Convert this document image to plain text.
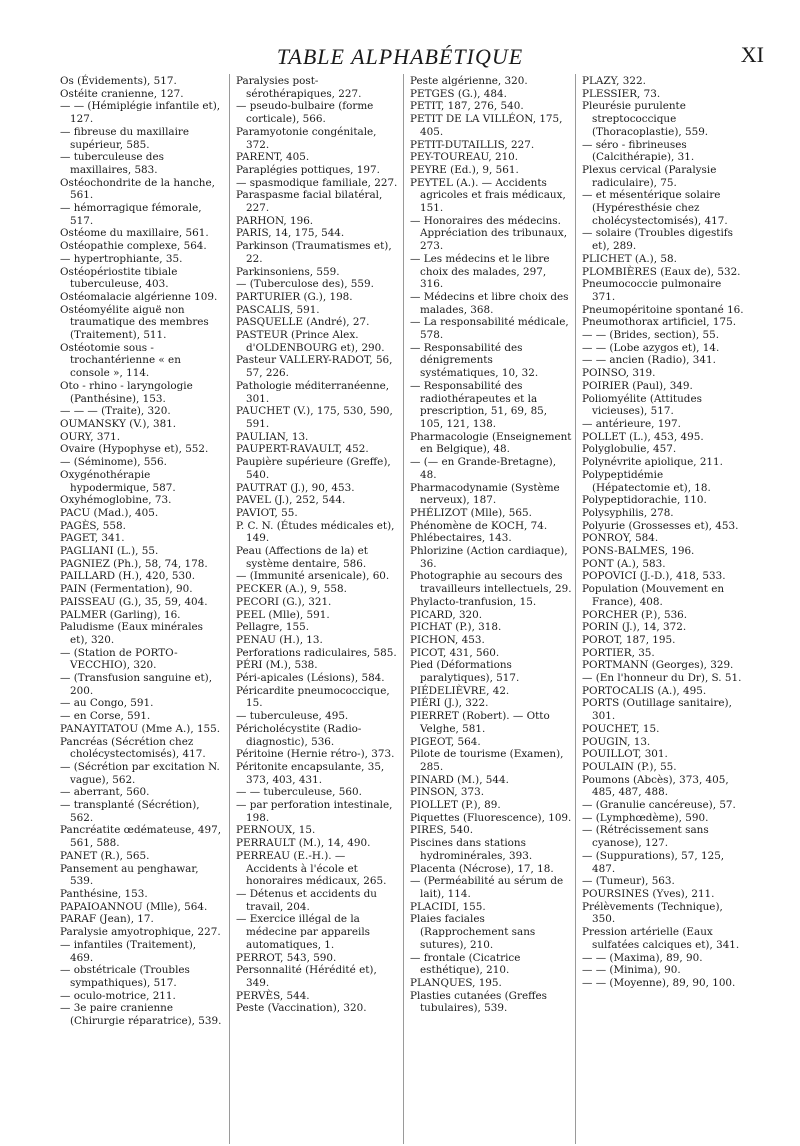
TABLE ALPHABÉTIQUE	XI
Os (Évidements), 517.
Ostéite cranienne, 127.
— — (Hémiplégie infantile et), 127.
— fibreuse du maxillaire supérieur, 585.
— tuberculeuse des maxillaires, 583.
Ostéochondrite de la hanche, 561.
— hémorragique fémorale, 517.
Ostéome du maxillaire, 561.
Ostéopathie complexe, 564.
— hypertrophiante, 35.
Ostéopériostite tibiale tuberculeuse, 403.
Ostéomalacie algérienne 109.
Ostéomyélite aiguë non traumatique des membres (Traitement), 511.
Ostéotomie sous - trochantérienne « en console », 114.
Oto - rhino - laryngologie (Panthésine), 153.
— — — (Traite), 320.
OUMANSKY (V.), 381.
OURY, 371.
Ovaire (Hypophyse et), 552.
— (Séminome), 556.
Oxygénothérapie hypodermique, 587.
Oxyhémoglobine, 73.
PACU (Mad.), 405.
PAGÈS, 558.
PAGET, 341.
PAGLIANI (L.), 55.
PAGNIEZ (Ph.), 58, 74, 178.
PAILLARD (H.), 420, 530.
PAIN (Fermentation), 90.
PAISSEAU (G.), 35, 59, 404.
PALMER (Garling), 16.
Paludisme (Eaux minérales et), 320.
— (Station de PORTO-VECCHIO), 320.
— (Transfusion sanguine et), 200.
— au Congo, 591.
— en Corse, 591.
PANAYITATOU (Mme A.), 155.
Pancréas (Sécrétion chez cholécystectomisés), 417.
— (Sécrétion par excitation N. vague), 562.
— aberrant, 560.
— transplanté (Sécrétion), 562.
Pancréatite œdémateuse, 497, 561, 588.
PANET (R.), 565.
Pansement au penghawar, 539.
Panthésine, 153.
PAPAIOANNOU (Mlle), 564.
PARAF (Jean), 17.
Paralysie amyotrophique, 227.
— infantiles (Traitement), 469.
— obstétricale (Troubles sympathiques), 517.
— oculo-motrice, 211.
— 3e paire cranienne (Chirurgie réparatrice), 539.
Paralysies post-sérothérapiques, 227.
— pseudo-bulbaire (forme corticale), 566.
Paramyotonie congénitale, 372.
PARENT, 405.
Paraplégies pottiques, 197.
— spasmodique familiale, 227.
Paraspasme facial bilatéral, 227.
PARHON, 196.
PARIS, 14, 175, 544.
Parkinson (Traumatismes et), 22.
Parkinsoniens, 559.
— (Tuberculose des), 559.
PARTURIER (G.), 198.
PASCALIS, 591.
PASQUELLE (André), 27.
PASTEUR (Prince Alex. d'OLDENBOURG et), 290.
Pasteur VALLERY-RADOT, 56, 57, 226.
Pathologie méditerranéenne, 301.
PAUCHET (V.), 175, 530, 590, 591.
PAULIAN, 13.
PAUPERT-RAVAULT, 452.
Paupière supérieure (Greffe), 540.
PAUTRAT (J.), 90, 453.
PAVEL (J.), 252, 544.
PAVIOT, 55.
P. C. N. (Études médicales et), 149.
Peau (Affections de la) et système dentaire, 586.
— (Immunité arsenicale), 60.
PECKER (A.), 9, 558.
PECORI (G.), 321.
PEEL (Mlle), 591.
Pellagre, 155.
PENAU (H.), 13.
Perforations radiculaires, 585.
PÉRI (M.), 538.
Péri-apicales (Lésions), 584.
Péricardite pneumococcique, 15.
— tuberculeuse, 495.
Péricholécystite (Radio-diagnostic), 536.
Péritoine (Hernie rétro-), 373.
Péritonite encapsulante, 35, 373, 403, 431.
— — tuberculeuse, 560.
— par perforation intestinale, 198.
PERNOUX, 15.
PERRAULT (M.), 14, 490.
PERREAU (E.-H.). — Accidents à l'école et honoraires médicaux, 265.
— Détenus et accidents du travail, 204.
— Exercice illégal de la médecine par appareils automatiques, 1.
PERROT, 543, 590.
Personnalité (Hérédité et), 349.
PERVÈS, 544.
Peste (Vaccination), 320.
Peste algérienne, 320.
PETGES (G.), 484.
PETIT, 187, 276, 540.
PETIT DE LA VILLÉON, 175, 405.
PETIT-DUTAILLIS, 227.
PEY-TOUREAU, 210.
PEYRE (Ed.), 9, 561.
PEYTEL (A.). — Accidents agricoles et frais médicaux, 151.
— Honoraires des médecins. Appréciation des tribunaux, 273.
— Les médecins et le libre choix des malades, 297, 316.
— Médecins et libre choix des malades, 368.
— La responsabilité médicale, 578.
— Responsabilité des dénigrements systématiques, 10, 32.
— Responsabilité des radiothérapeutes et la prescription, 51, 69, 85, 105, 121, 138.
Pharmacologie (Enseignement en Belgique), 48.
— (— en Grande-Bretagne), 48.
Pharmacodynamie (Système nerveux), 187.
PHÉLIZOT (Mlle), 565.
Phénomène de KOCH, 74.
Phlébectaires, 143.
Phlorizine (Action cardiaque), 36.
Photographie au secours des travailleurs intellectuels, 29.
Phylacto-tranfusion, 15.
PICARD, 320.
PICHAT (P.), 318.
PICHON, 453.
PICOT, 431, 560.
Pied (Déformations paralytiques), 517.
PIÉDELIÈVRE, 42.
PIÉRI (J.), 322.
PIERRET (Robert). — Otto Velghe, 581.
PIGEOT, 564.
Pilote de tourisme (Examen), 285.
PINARD (M.), 544.
PINSON, 373.
PIOLLET (P.), 89.
Piquettes (Fluorescence), 109.
PIRES, 540.
Piscines dans stations hydrominérales, 393.
Placenta (Nécrose), 17, 18.
— (Perméabilité au sérum de lait), 114.
PLACIDI, 155.
Plaies faciales (Rapprochement sans sutures), 210.
— frontale (Cicatrice esthétique), 210.
PLANQUES, 195.
Plasties cutanées (Greffes tubulaires), 539.
PLAZY, 322.
PLESSIER, 73.
Pleurésie purulente streptococcique (Thoracoplastie), 559.
— séro - fibrineuses (Calcithérapie), 31.
Plexus cervical (Paralysie radiculaire), 75.
— et mésentérique solaire (Hypéresthésie chez cholécystectomisés), 417.
— solaire (Troubles digestifs et), 289.
PLICHET (A.), 58.
PLOMBIÈRES (Eaux de), 532.
Pneumococcie pulmonaire 371.
Pneumopéritoine spontané 16.
Pneumothorax artificiel, 175.
— — (Brides, section), 55.
— — (Lobe azygos et), 14.
— — ancien (Radio), 341.
POINSO, 319.
POIRIER (Paul), 349.
Poliomyélite (Attitudes vicieuses), 517.
— antérieure, 197.
POLLET (L.), 453, 495.
Polyglobulie, 457.
Polynévrite apiolique, 211.
Polypeptidémie (Hépatectomie et), 18.
Polypeptidorachie, 110.
Polysyphilis, 278.
Polyurie (Grossesses et), 453.
PONROY, 584.
PONS-BALMES, 196.
PONT (A.), 583.
POPOVICI (J.-D.), 418, 533.
Population (Mouvement en France), 408.
PORCHER (P.), 536.
PORIN (J.), 14, 372.
POROT, 187, 195.
PORTIER, 35.
PORTMANN (Georges), 329.
— (En l'honneur du Dr), S. 51.
PORTOCALIS (A.), 495.
PORTS (Outillage sanitaire), 301.
POUCHET, 15.
POUGIN, 13.
POUILLOT, 301.
POULAIN (P.), 55.
Poumons (Abcès), 373, 405, 485, 487, 488.
— (Granulie cancéreuse), 57.
— (Lymphœdème), 590.
— (Rétrécissement sans cyanose), 127.
— (Suppurations), 57, 125, 487.
— (Tumeur), 563.
POURSINES (Yves), 211.
Prélèvements (Technique), 350.
Pression artérielle (Eaux sulfatées calciques et), 341.
— — (Maxima), 89, 90.
— — (Minima), 90.
— — (Moyenne), 89, 90, 100.
